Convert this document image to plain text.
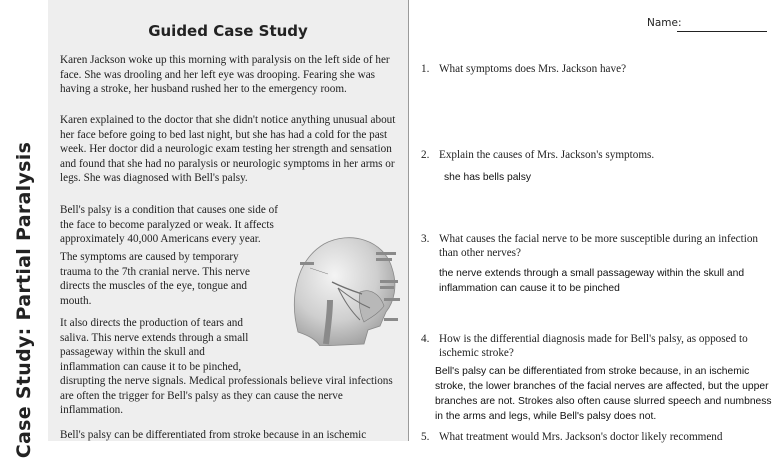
Case Study: Partial Paralysis
Guided Case Study

Karen Jackson woke up this morning with paralysis on the left side of her face. She was drooling and her left eye was drooping. Fearing she was having a stroke, her husband rushed her to the emergency room.

Karen explained to the doctor that she didn't notice anything unusual about her face before going to bed last night, but she has had a cold for the past week. Her doctor did a neurologic exam testing her strength and sensation and found that she had no paralysis or neurologic symptoms in her arms or legs. She was diagnosed with Bell's palsy.

Bell's palsy is a condition that causes one side of the face to become paralyzed or weak. It affects approximately 40,000 Americans every year.

The symptoms are caused by temporary trauma to the 7th cranial nerve. This nerve directs the muscles of the eye, tongue and mouth.

It also directs the production of tears and saliva. This nerve extends through a small passageway within the skull and inflammation can cause it to be pinched,

disrupting the nerve signals. Medical professionals believe viral infections are often the trigger for Bell's palsy as they can cause the nerve inflammation.

Bell's palsy can be differentiated from stroke because in an ischemic

Name:
1. What symptoms does Mrs. Jackson have?
2. Explain the causes of Mrs. Jackson's symptoms.

she has bells palsy

3. What causes the facial nerve to be more susceptible during an infection than other nerves?

the nerve extends through a small passageway within the skull and inflammation can cause it to be pinched

4. How is the differential diagnosis made for Bell's palsy, as opposed to ischemic stroke?

Bell's palsy can be differentiated from stroke because, in an ischemic stroke, the lower branches of the facial nerves are affected, but the upper branches are not. Strokes also often cause slurred speech and numbness in the arms and legs, while Bell's palsy does not.

5. What treatment would Mrs. Jackson's doctor likely recommend
